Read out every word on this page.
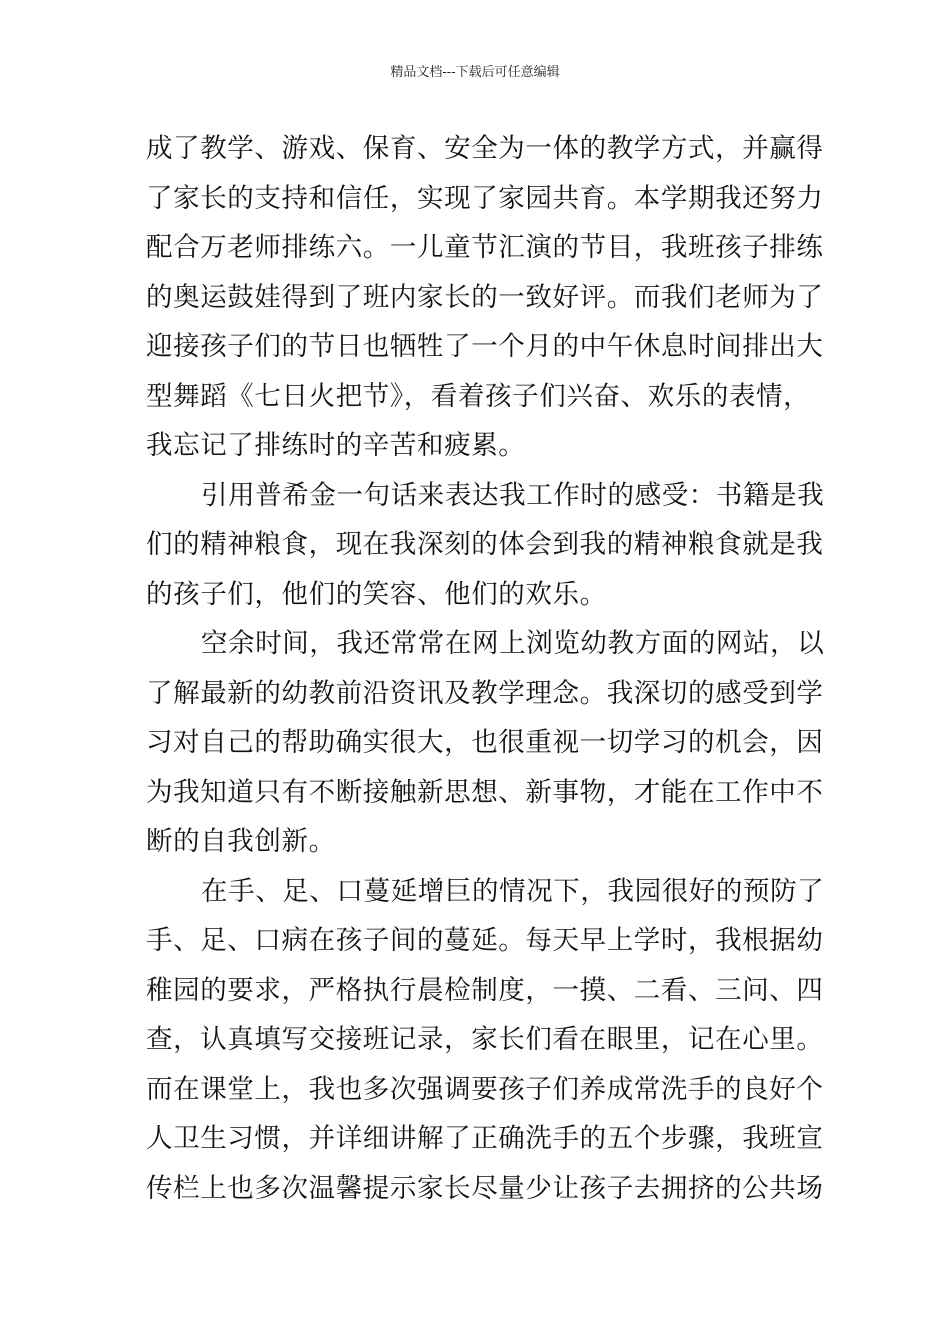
精品文档---下载后可任意编辑
成了教学、游戏、保育、安全为一体的教学方式，并赢得
了家长的支持和信任，实现了家园共育。本学期我还努力
配合万老师排练六。一儿童节汇演的节目，我班孩子排练
的奥运鼓娃得到了班内家长的一致好评。而我们老师为了
迎接孩子们的节日也牺牲了一个月的中午休息时间排出大
型舞蹈《七日火把节》，看着孩子们兴奋、欢乐的表情，
我忘记了排练时的辛苦和疲累。
引用普希金一句话来表达我工作时的感受：书籍是我
们的精神粮食，现在我深刻的体会到我的精神粮食就是我
的孩子们，他们的笑容、他们的欢乐。
空余时间，我还常常在网上浏览幼教方面的网站，以
了解最新的幼教前沿资讯及教学理念。我深切的感受到学
习对自己的帮助确实很大，也很重视一切学习的机会，因
为我知道只有不断接触新思想、新事物，才能在工作中不
断的自我创新。
在手、足、口蔓延增巨的情况下，我园很好的预防了
手、足、口病在孩子间的蔓延。每天早上学时，我根据幼
稚园的要求，严格执行晨检制度，一摸、二看、三问、四
查，认真填写交接班记录，家长们看在眼里，记在心里。
而在课堂上，我也多次强调要孩子们养成常洗手的良好个
人卫生习惯，并详细讲解了正确洗手的五个步骤，我班宣
传栏上也多次温馨提示家长尽量少让孩子去拥挤的公共场
